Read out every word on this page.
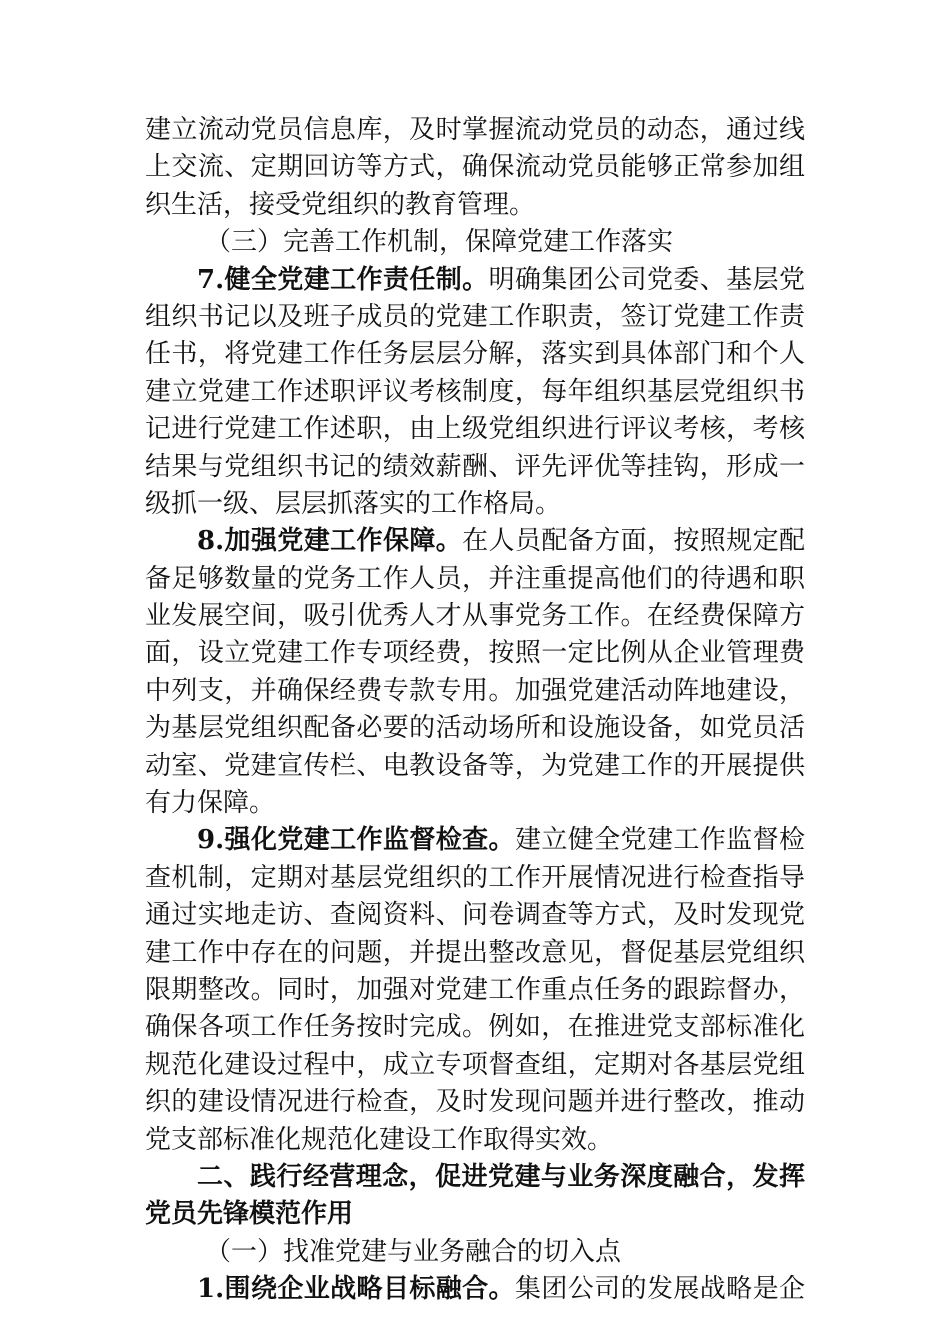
建立流动党员信息库，及时掌握流动党员的动态，通过线
上交流、定期回访等方式，确保流动党员能够正常参加组
织生活，接受党组织的教育管理。
（三）完善工作机制，保障党建工作落实
7.健全党建工作责任制。明确集团公司党委、基层党
组织书记以及班子成员的党建工作职责，签订党建工作责
任书，将党建工作任务层层分解，落实到具体部门和个人
建立党建工作述职评议考核制度，每年组织基层党组织书
记进行党建工作述职，由上级党组织进行评议考核，考核
结果与党组织书记的绩效薪酬、评先评优等挂钩，形成一
级抓一级、层层抓落实的工作格局。
8.加强党建工作保障。在人员配备方面，按照规定配
备足够数量的党务工作人员，并注重提高他们的待遇和职
业发展空间，吸引优秀人才从事党务工作。在经费保障方
面，设立党建工作专项经费，按照一定比例从企业管理费
中列支，并确保经费专款专用。加强党建活动阵地建设，
为基层党组织配备必要的活动场所和设施设备，如党员活
动室、党建宣传栏、电教设备等，为党建工作的开展提供
有力保障。
9.强化党建工作监督检查。建立健全党建工作监督检
查机制，定期对基层党组织的工作开展情况进行检查指导
通过实地走访、查阅资料、问卷调查等方式，及时发现党
建工作中存在的问题，并提出整改意见，督促基层党组织
限期整改。同时，加强对党建工作重点任务的跟踪督办，
确保各项工作任务按时完成。例如，在推进党支部标准化
规范化建设过程中，成立专项督查组，定期对各基层党组
织的建设情况进行检查，及时发现问题并进行整改，推动
党支部标准化规范化建设工作取得实效。
二、践行经营理念，促进党建与业务深度融合，发挥
党员先锋模范作用
（一）找准党建与业务融合的切入点
1.围绕企业战略目标融合。集团公司的发展战略是企
